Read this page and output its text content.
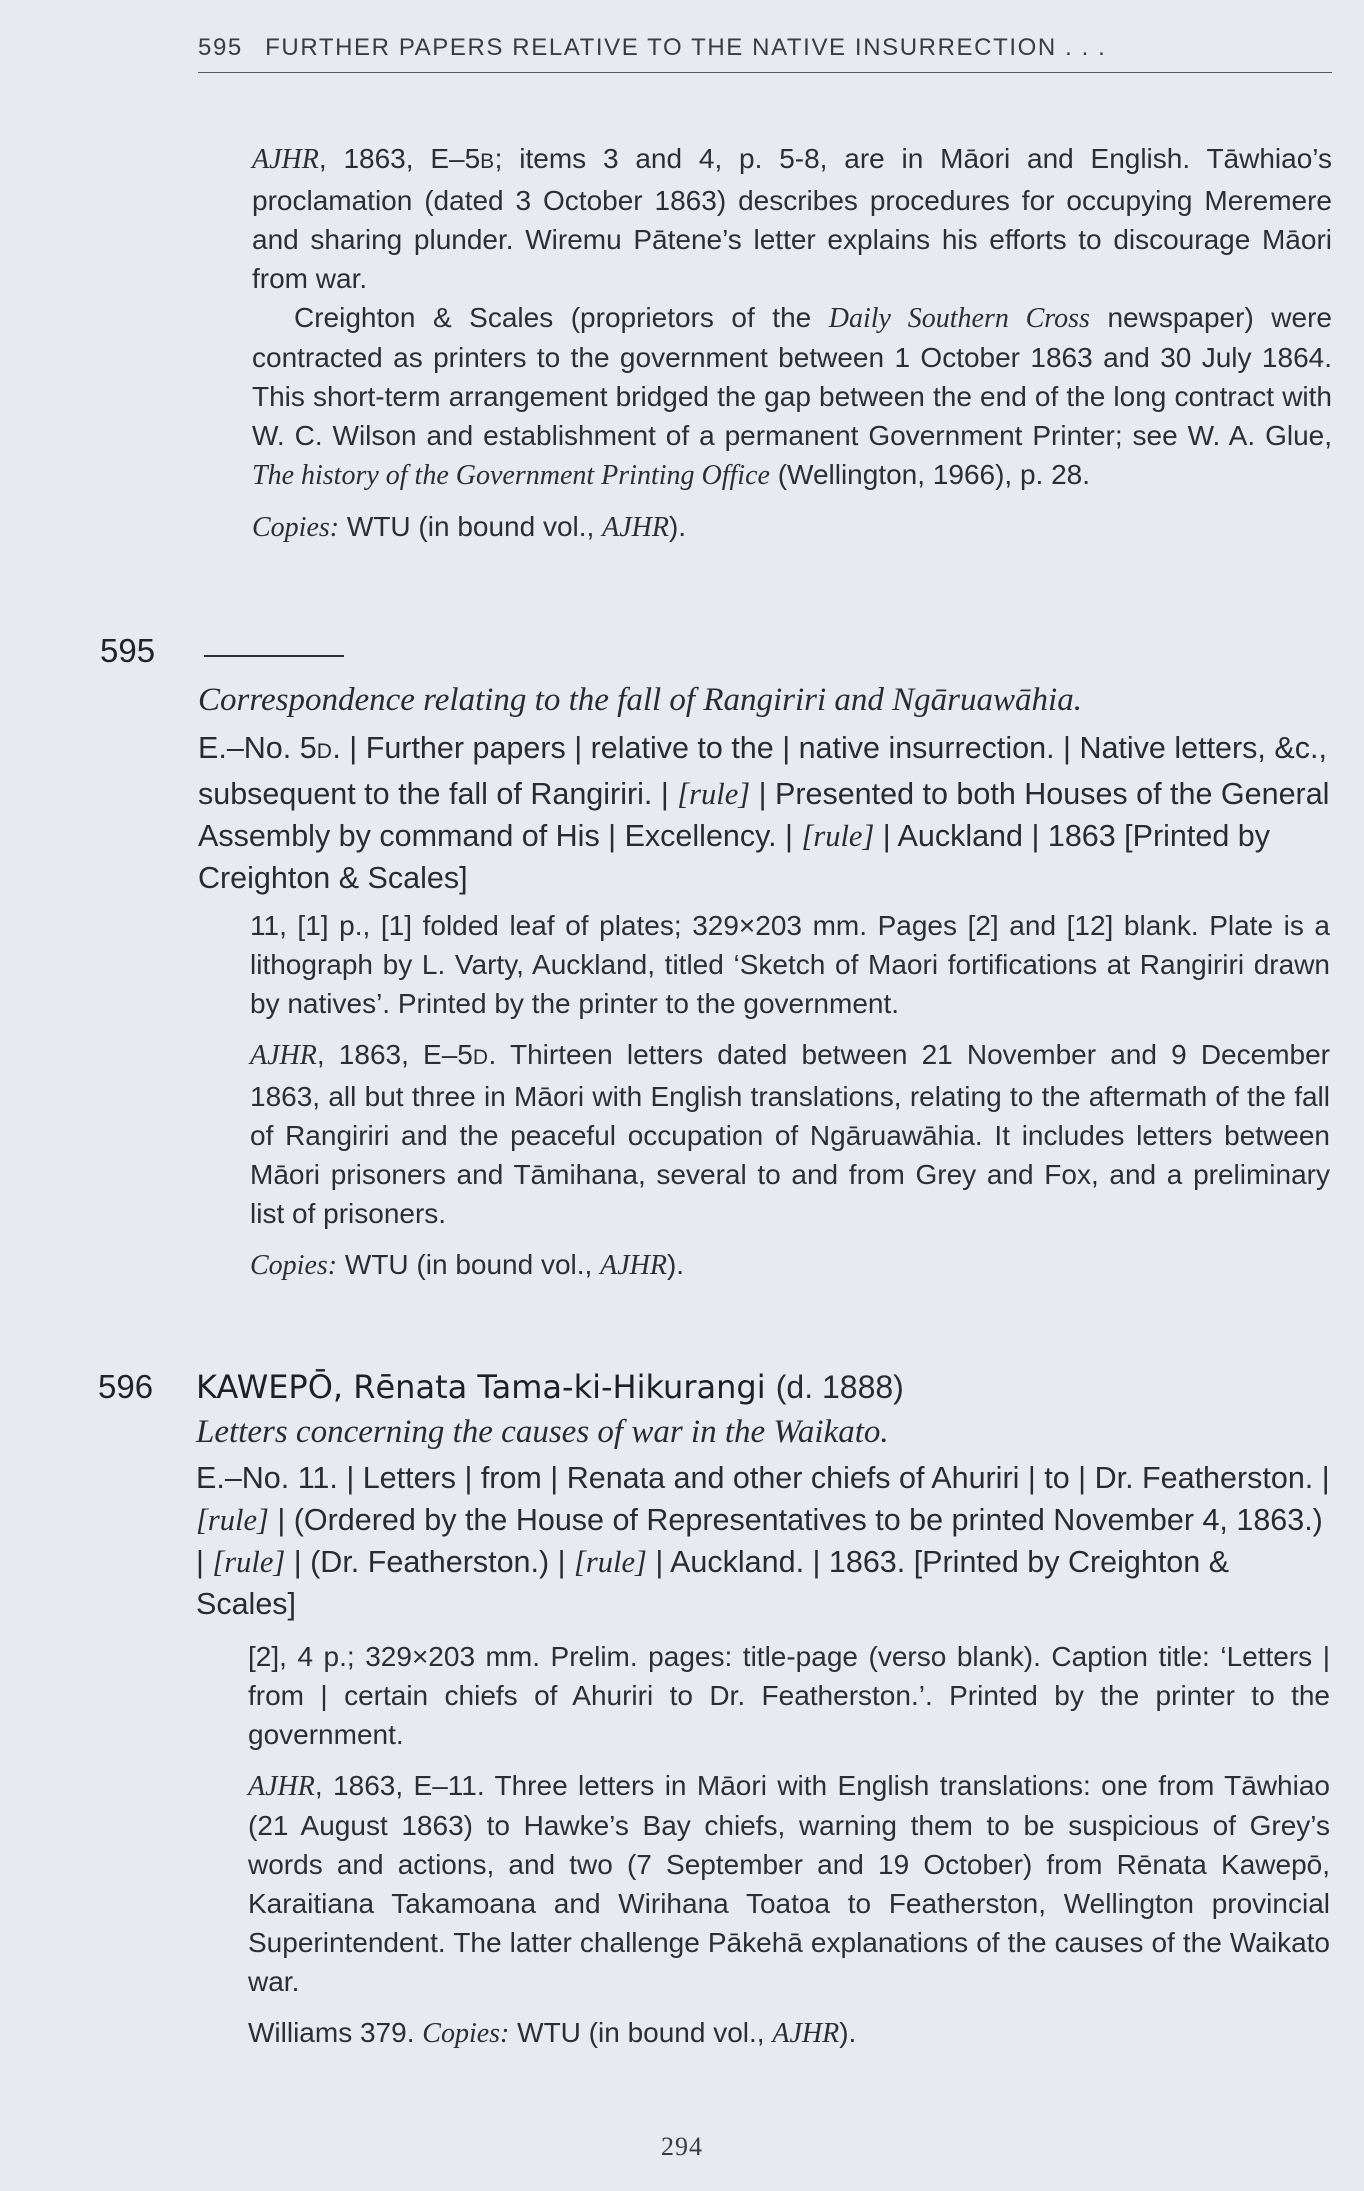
595 FURTHER PAPERS RELATIVE TO THE NATIVE INSURRECTION . . .

AJHR, 1863, E–5B; items 3 and 4, p. 5-8, are in Māori and English. Tāwhiao’s proclamation (dated 3 October 1863) describes procedures for occupying Meremere and sharing plunder. Wiremu Pātene’s letter explains his efforts to discourage Māori from war.

Creighton & Scales (proprietors of the Daily Southern Cross newspaper) were contracted as printers to the government between 1 October 1863 and 30 July 1864. This short-term arrangement bridged the gap between the end of the long contract with W. C. Wilson and establishment of a permanent Government Printer; see W. A. Glue, The history of the Government Printing Office (Wellington, 1966), p. 28.

Copies: WTU (in bound vol., AJHR).

595
Correspondence relating to the fall of Rangiriri and Ngāruawāhia.
E.–No. 5D. | Further papers | relative to the | native insurrection. | Native letters, &c., subsequent to the fall of Rangiriri. | [rule] | Presented to both Houses of the General Assembly by command of His | Excellency. | [rule] | Auckland | 1863 [Printed by Creighton & Scales]

11, [1] p., [1] folded leaf of plates; 329×203 mm. Pages [2] and [12] blank. Plate is a lithograph by L. Varty, Auckland, titled ‘Sketch of Maori fortifications at Rangiriri drawn by natives’. Printed by the printer to the government.

AJHR, 1863, E–5D. Thirteen letters dated between 21 November and 9 December 1863, all but three in Māori with English translations, relating to the aftermath of the fall of Rangiriri and the peaceful occupation of Ngāruawāhia. It includes letters between Māori prisoners and Tāmihana, several to and from Grey and Fox, and a preliminary list of prisoners.

Copies: WTU (in bound vol., AJHR).

596 KAWEPŌ, Rēnata Tama-ki-Hikurangi (d. 1888)
Letters concerning the causes of war in the Waikato.
E.–No. 11. | Letters | from | Renata and other chiefs of Ahuriri | to | Dr. Featherston. | [rule] | (Ordered by the House of Representatives to be printed November 4, 1863.) | [rule] | (Dr. Featherston.) | [rule] | Auckland. | 1863. [Printed by Creighton & Scales]

[2], 4 p.; 329×203 mm. Prelim. pages: title-page (verso blank). Caption title: ‘Letters | from | certain chiefs of Ahuriri to Dr. Featherston.’. Printed by the printer to the government.

AJHR, 1863, E–11. Three letters in Māori with English translations: one from Tāwhiao (21 August 1863) to Hawke’s Bay chiefs, warning them to be suspicious of Grey’s words and actions, and two (7 September and 19 October) from Rēnata Kawepō, Karaitiana Takamoana and Wirihana Toatoa to Featherston, Wellington provincial Superintendent. The latter challenge Pākehā explanations of the causes of the Waikato war.

Williams 379. Copies: WTU (in bound vol., AJHR).

294
